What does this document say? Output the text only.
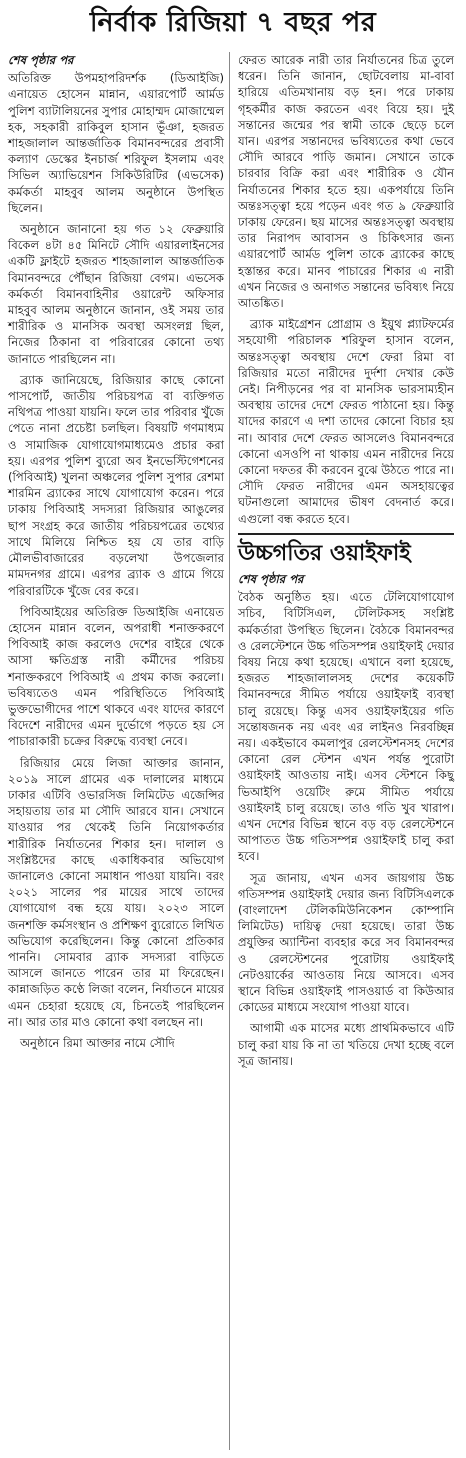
নির্বাক রিজিয়া ৭ বছর পর

শেষ পৃষ্ঠার পর

অতিরিক্ত উপমহাপরিদর্শক (ডিআইজি) এনায়েত হোসেন মান্নান, এয়ারপোর্ট আর্মড পুলিশ ব্যাটালিয়নের সুপার মোহাম্মদ মোজাম্মেল হক, সহকারী রাকিবুল হাসান ভূঁঞা, হজরত শাহজালাল আন্তর্জাতিক বিমানবন্দরের প্রবাসী কল্যাণ ডেস্কের ইনচার্জ শরিফুল ইসলাম এবং সিভিল অ্যাভিয়েশন সিকিউরিটির (এভসেক) কর্মকর্তা মাহবুব আলম অনুষ্ঠানে উপস্থিত ছিলেন।

অনুষ্ঠানে জানানো হয় গত ১২ ফেব্রুয়ারি বিকেল ৪টা ৪৫ মিনিটে সৌদি এয়ারলাইনসের একটি ফ্লাইটে হজরত শাহজালাল আন্তর্জাতিক বিমানবন্দরে পৌঁছান রিজিয়া বেগম। এভসেক কর্মকর্তা বিমানবাহিনীর ওয়ারেন্ট অফিসার মাহবুব আলম অনুষ্ঠানে জানান, ওই সময় তার শারীরিক ও মানসিক অবস্থা অসংলগ্ন ছিল, নিজের ঠিকানা বা পরিবারের কোনো তথ্য জানাতে পারছিলেন না।

ব্র্যাক জানিয়েছে, রিজিয়ার কাছে কোনো পাসপোর্ট, জাতীয় পরিচয়পত্র বা ব্যক্তিগত নথিপত্র পাওয়া যায়নি। ফলে তার পরিবার খুঁজে পেতে নানা প্রচেষ্টা চলছিল। বিষয়টি গণমাধ্যম ও সামাজিক যোগাযোগমাধ্যমেও প্রচার করা হয়। এরপর পুলিশ ব্যুরো অব ইনভেস্টিগেশনের (পিবিআই) খুলনা অঞ্চলের পুলিশ সুপার রেশমা শারমিন ব্র্যাকের সাথে যোগাযোগ করেন। পরে ঢাকায় পিবিআই সদস্যরা রিজিয়ার আঙুলের ছাপ সংগ্রহ করে জাতীয় পরিচয়পত্রের তথ্যের সাথে মিলিয়ে নিশ্চিত হয় যে তার বাড়ি মৌলভীবাজারের বড়লেখা উপজেলার মামদনগর গ্রামে। এরপর ব্র্যাক ও গ্রামে গিয়ে পরিবারটিকে খুঁজে বের করে।

পিবিআইয়ের অতিরিক্ত ডিআইজি এনায়েত হোসেন মান্নান বলেন, অপরাধী শনাক্তকরণে পিবিআই কাজ করলেও দেশের বাইরে থেকে আসা ক্ষতিগ্রস্ত নারী কর্মীদের পরিচয় শনাক্তকরণে পিবিআই এ প্রথম কাজ করলো। ভবিষ্যতেও এমন পরিস্থিতিতে পিবিআই ভুক্তভোগীদের পাশে থাকবে এবং যাদের কারণে বিদেশে নারীদের এমন দুর্ভোগে পড়তে হয় সে পাচারাকারী চক্রের বিরুদ্ধে ব্যবস্থা নেবে।

রিজিয়ার মেয়ে লিজা আক্তার জানান, ২০১৯ সালে গ্রামের এক দালালের মাধ্যমে ঢাকার এটিবি ওভারসিজ লিমিটেড এজেন্সির সহায়তায় তার মা সৌদি আরবে যান। সেখানে যাওয়ার পর থেকেই তিনি নিয়োগকর্তার শারীরিক নির্যাতনের শিকার হন। দালাল ও সংশ্লিষ্টদের কাছে একাধিকবার অভিযোগ জানালেও কোনো সমাধান পাওয়া যায়নি। বরং ২০২১ সালের পর মায়ের সাথে তাদের যোগাযোগ বন্ধ হয়ে যায়। ২০২৩ সালে জনশক্তি কর্মসংস্থান ও প্রশিক্ষণ ব্যুরোতে লিখিত অভিযোগ করেছিলেন। কিন্তু কোনো প্রতিকার পাননি। সোমবার ব্র্যাক সদস্যরা বাড়িতে আসলে জানতে পারেন তার মা ফিরেছেন। কান্নাজড়িত কণ্ঠে লিজা বলেন, নির্যাতনে মায়ের এমন চেহারা হয়েছে যে, চিনতেই পারছিলেন না। আর তার মাও কোনো কথা বলছেন না।

অনুষ্ঠানে রিমা আক্তার নামে সৌদি

ফেরত আরেক নারী তার নির্যাতনের চিত্র তুলে ধরেন। তিনি জানান, ছোটবেলায় মা-বাবা হারিয়ে এতিমখানায় বড় হন। পরে ঢাকায় গৃহকর্মীর কাজ করতেন এবং বিয়ে হয়। দুই সন্তানের জন্মের পর স্বামী তাকে ছেড়ে চলে যান। এরপর সন্তানদের ভবিষ্যতের কথা ভেবে সৌদি আরবে পাড়ি জমান। সেখানে তাকে চারবার বিক্রি করা এবং শারীরিক ও যৌন নির্যাতনের শিকার হতে হয়। একপর্যায়ে তিনি অন্তঃসত্ত্বা হয়ে পড়েন এবং গত ৯ ফেব্রুয়ারি ঢাকায় ফেরেন। ছয় মাসের অন্তঃসত্ত্বা অবস্থায় তার নিরাপদ আবাসন ও চিকিৎসার জন্য এয়ারপোর্ট আর্মড পুলিশ তাকে ব্র্যাকের কাছে হস্তান্তর করে। মানব পাচারের শিকার এ নারী এখন নিজের ও অনাগত সন্তানের ভবিষ্যৎ নিয়ে আতঙ্কিত।

ব্র্যাক মাইগ্রেশন প্রোগ্রাম ও ইয়ুথ প্ল্যাটফর্মের সহযোগী পরিচালক শরিফুল হাসান বলেন, অন্তঃসত্ত্বা অবস্থায় দেশে ফেরা রিমা বা রিজিয়ার মতো নারীদের দুর্দশা দেখার কেউ নেই। নিপীড়নের পর বা মানসিক ভারসাম্যহীন অবস্থায় তাদের দেশে ফেরত পাঠানো হয়। কিন্তু যাদের কারণে এ দশা তাদের কোনো বিচার হয় না। আবার দেশে ফেরত আসলেও বিমানবন্দরে কোনো এসওপি না থাকায় এমন নারীদের নিয়ে কোনো দফতর কী করবেন বুঝে উঠতে পারে না। সৌদি ফেরত নারীদের এমন অসহায়ত্বের ঘটনাগুলো আমাদের ভীষণ বেদনার্ত করে। এগুলো বন্ধ করতে হবে।

উচ্চগতির ওয়াইফাই

শেষ পৃষ্ঠার পর

বৈঠক অনুষ্ঠিত হয়। এতে টেলিযোগাযোগ সচিব, বিটিসিএল, টেলিটকসহ সংশ্লিষ্ট কর্মকর্তারা উপস্থিত ছিলেন। বৈঠকে বিমানবন্দর ও রেলস্টেশনে উচ্চ গতিসম্পন্ন ওয়াইফাই দেয়ার বিষয় নিয়ে কথা হয়েছে। এখানে বলা হয়েছে, হজরত শাহজালালসহ দেশের কয়েকটি বিমানবন্দরে সীমিত পর্যায়ে ওয়াইফাই ব্যবস্থা চালু রয়েছে। কিন্তু এসব ওয়াইফাইয়ের গতি সন্তোষজনক নয় এবং এর লাইনও নিরবচ্ছিন্ন নয়। একইভাবে কমলাপুর রেলস্টেশনসহ দেশের কোনো রেল স্টেশন এখন পর্যন্ত পুরোটা ওয়াইফাই আওতায় নাই। এসব স্টেশনে কিছু ভিআইপি ওয়েটিং রুমে সীমিত পর্যায়ে ওয়াইফাই চালু রয়েছে। তাও গতি খুব খারাপ। এখন দেশের বিভিন্ন স্থানে বড় বড় রেলস্টেশনে আপাতত উচ্চ গতিসম্পন্ন ওয়াইফাই চালু করা হবে।

সূত্র জানায়, এখন এসব জায়গায় উচ্চ গতিসম্পন্ন ওয়াইফাই দেয়ার জন্য বিটিসিএলকে (বাংলাদেশ টেলিকমিউনিকেশন কোম্পানি লিমিটেড) দায়িত্ব দেয়া হয়েছে। তারা উচ্চ প্রযুক্তির অ্যান্টিনা ব্যবহার করে সব বিমানবন্দর ও রেলস্টেশনের পুরোটায় ওয়াইফাই নেটওয়ার্কের আওতায় নিয়ে আসবে। এসব স্থানে বিভিন্ন ওয়াইফাই পাসওয়ার্ড বা কিউআর কোডের মাধ্যমে সংযোগ পাওয়া যাবে।

আগামী এক মাসের মধ্যে প্রাথমিকভাবে এটি চালু করা যায় কি না তা খতিয়ে দেখা হচ্ছে বলে সূত্র জানায়।
